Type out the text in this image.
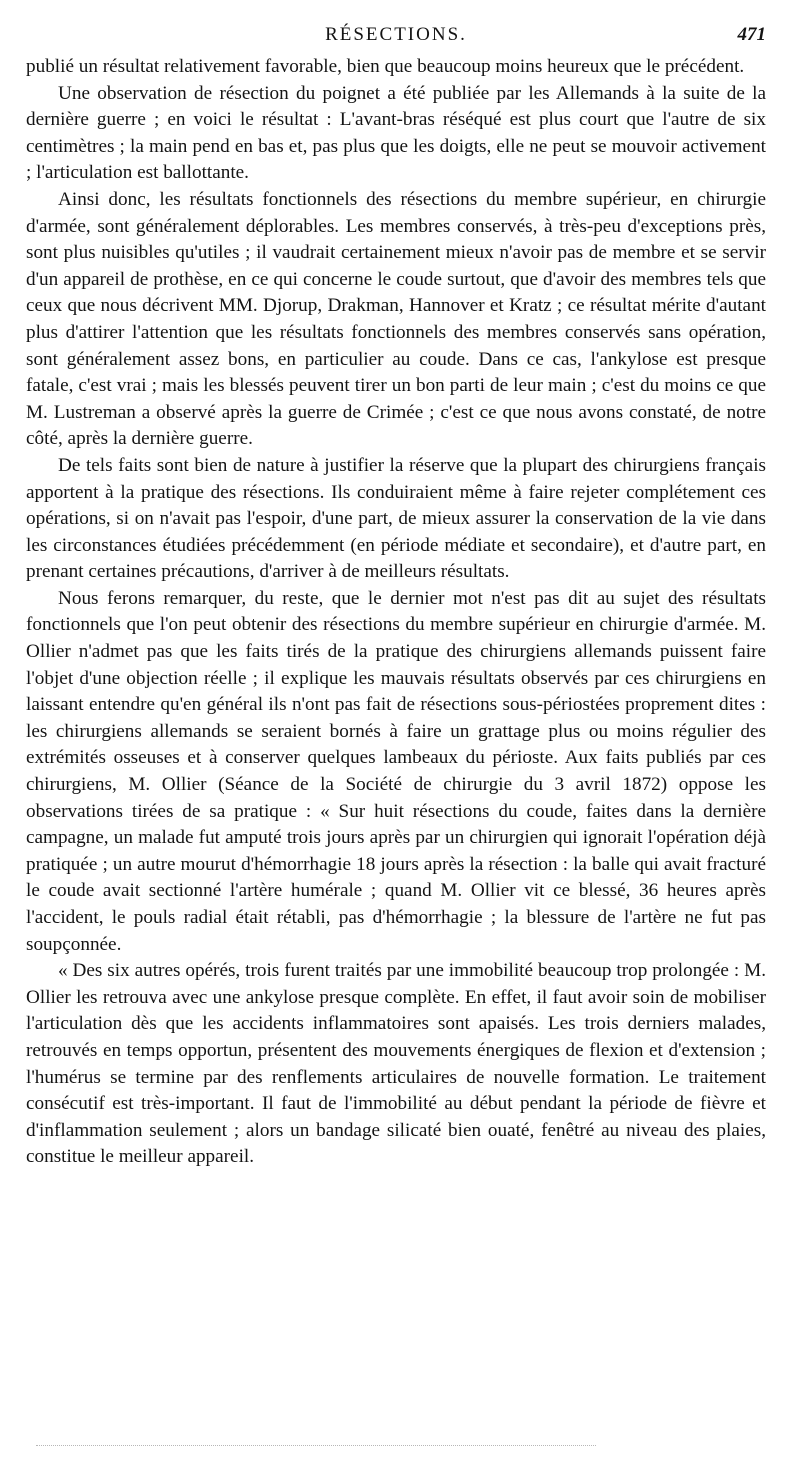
RÉSECTIONS.	471

publié un résultat relativement favorable, bien que beaucoup moins heureux que le précédent.

Une observation de résection du poignet a été publiée par les Allemands à la suite de la dernière guerre ; en voici le résultat : L'avant-bras réséqué est plus court que l'autre de six centimètres ; la main pend en bas et, pas plus que les doigts, elle ne peut se mouvoir activement ; l'articulation est ballottante.

Ainsi donc, les résultats fonctionnels des résections du membre supérieur, en chirurgie d'armée, sont généralement déplorables. Les membres conservés, à très-peu d'exceptions près, sont plus nuisibles qu'utiles ; il vaudrait certainement mieux n'avoir pas de membre et se servir d'un appareil de prothèse, en ce qui concerne le coude surtout, que d'avoir des membres tels que ceux que nous décrivent MM. Djorup, Drakman, Hannover et Kratz ; ce résultat mérite d'autant plus d'attirer l'attention que les résultats fonctionnels des membres conservés sans opération, sont généralement assez bons, en particulier au coude. Dans ce cas, l'ankylose est presque fatale, c'est vrai ; mais les blessés peuvent tirer un bon parti de leur main ; c'est du moins ce que M. Lustreman a observé après la guerre de Crimée ; c'est ce que nous avons constaté, de notre côté, après la dernière guerre.

De tels faits sont bien de nature à justifier la réserve que la plupart des chirurgiens français apportent à la pratique des résections. Ils conduiraient même à faire rejeter complétement ces opérations, si on n'avait pas l'espoir, d'une part, de mieux assurer la conservation de la vie dans les circonstances étudiées précédemment (en période médiate et secondaire), et d'autre part, en prenant certaines précautions, d'arriver à de meilleurs résultats.

Nous ferons remarquer, du reste, que le dernier mot n'est pas dit au sujet des résultats fonctionnels que l'on peut obtenir des résections du membre supérieur en chirurgie d'armée. M. Ollier n'admet pas que les faits tirés de la pratique des chirurgiens allemands puissent faire l'objet d'une objection réelle ; il explique les mauvais résultats observés par ces chirurgiens en laissant entendre qu'en général ils n'ont pas fait de résections sous-périostées proprement dites : les chirurgiens allemands se seraient bornés à faire un grattage plus ou moins régulier des extrémités osseuses et à conserver quelques lambeaux du périoste. Aux faits publiés par ces chirurgiens, M. Ollier (Séance de la Société de chirurgie du 3 avril 1872) oppose les observations tirées de sa pratique : « Sur huit résections du coude, faites dans la dernière campagne, un malade fut amputé trois jours après par un chirurgien qui ignorait l'opération déjà pratiquée ; un autre mourut d'hémorrhagie 18 jours après la résection : la balle qui avait fracturé le coude avait sectionné l'artère humérale ; quand M. Ollier vit ce blessé, 36 heures après l'accident, le pouls radial était rétabli, pas d'hémorrhagie ; la blessure de l'artère ne fut pas soupçonnée.

« Des six autres opérés, trois furent traités par une immobilité beaucoup trop prolongée : M. Ollier les retrouva avec une ankylose presque complète. En effet, il faut avoir soin de mobiliser l'articulation dès que les accidents inflammatoires sont apaisés. Les trois derniers malades, retrouvés en temps opportun, présentent des mouvements énergiques de flexion et d'extension ; l'humérus se termine par des renflements articulaires de nouvelle formation. Le traitement consécutif est très-important. Il faut de l'immobilité au début pendant la période de fièvre et d'inflammation seulement ; alors un bandage silicaté bien ouaté, fenêtré au niveau des plaies, constitue le meilleur appareil.
